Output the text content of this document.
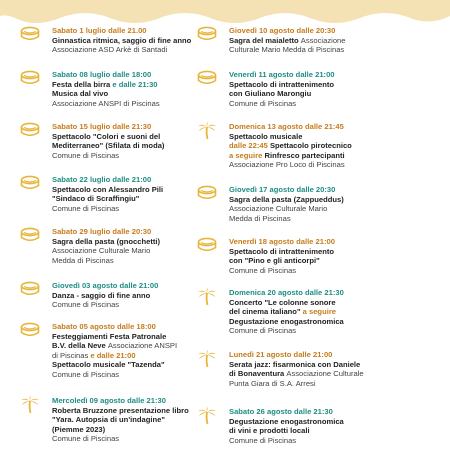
Sabato 1 luglio dalle 21.00
Ginnastica ritmica, saggio di fine anno
Associazione ASD Arkè di Santadi
Sabato 08 luglio dalle 18:00
Festa della birra e dalle 21:30
Musica dal vivo
Associazione ANSPI di Piscinas
Sabato 15 luglio dalle 21:30
Spettacolo "Colori e suoni del
Mediterraneo" (Sfilata di moda)
Comune di Piscinas
Sabato 22 luglio dalle 21:00
Spettacolo con Alessandro Pili
"Sindaco di Scraffingiu"
Comune di Piscinas
Sabato 29 luglio dalle 20:30
Sagra della pasta (gnocchetti)
Associazione Culturale Mario
Medda di Piscinas
Giovedì 03 agosto dalle 21:00
Danza - saggio di fine anno
Comune di Piscinas
Sabato 05 agosto dalle 18:00
Festeggiamenti Festa Patronale
B.V. della Neve Associazione ANSPI
di Piscinas e dalle 21:00
Spettacolo musicale "Tazenda"
Comune di Piscinas
Mercoledì 09 agosto dalle 21:30
Roberta Bruzzone presentazione libro
"Yara. Autopsia di un'indagine"
(Piemme 2023)
Comune di Piscinas
Giovedì 10 agosto dalle 20:30
Sagra del maialetto Associazione
Culturale Mario Medda di Piscinas
Venerdì 11 agosto dalle 21:00
Spettacolo di intrattenimento
con Giuliano Marongiu
Comune di Piscinas
Domenica 13 agosto dalle 21:45
Spettacolo musicale
dalle 22:45 Spettacolo pirotecnico
a seguire Rinfresco partecipanti
Associazione Pro Loco di Piscinas
Giovedì 17 agosto dalle 20:30
Sagra della pasta (Zappueddus)
Associazione Culturale Mario
Medda di Piscinas
Venerdì 18 agosto dalle 21:00
Spettacolo di intrattenimento
con "Pino e gli anticorpi"
Comune di Piscinas
Domenica 20 agosto dalle 21:30
Concerto "Le colonne sonore
del cinema italiano" a seguire
Degustazione enogastronomica
Comune di Piscinas
Lunedì 21 agosto dalle 21:00
Serata jazz: fisarmonica con Daniele
di Bonaventura Associazione Culturale
Punta Giara di S.A. Arresi
Sabato 26 agosto dalle 21:30
Degustazione enogastronomica
di vini e prodotti locali
Comune di Piscinas
